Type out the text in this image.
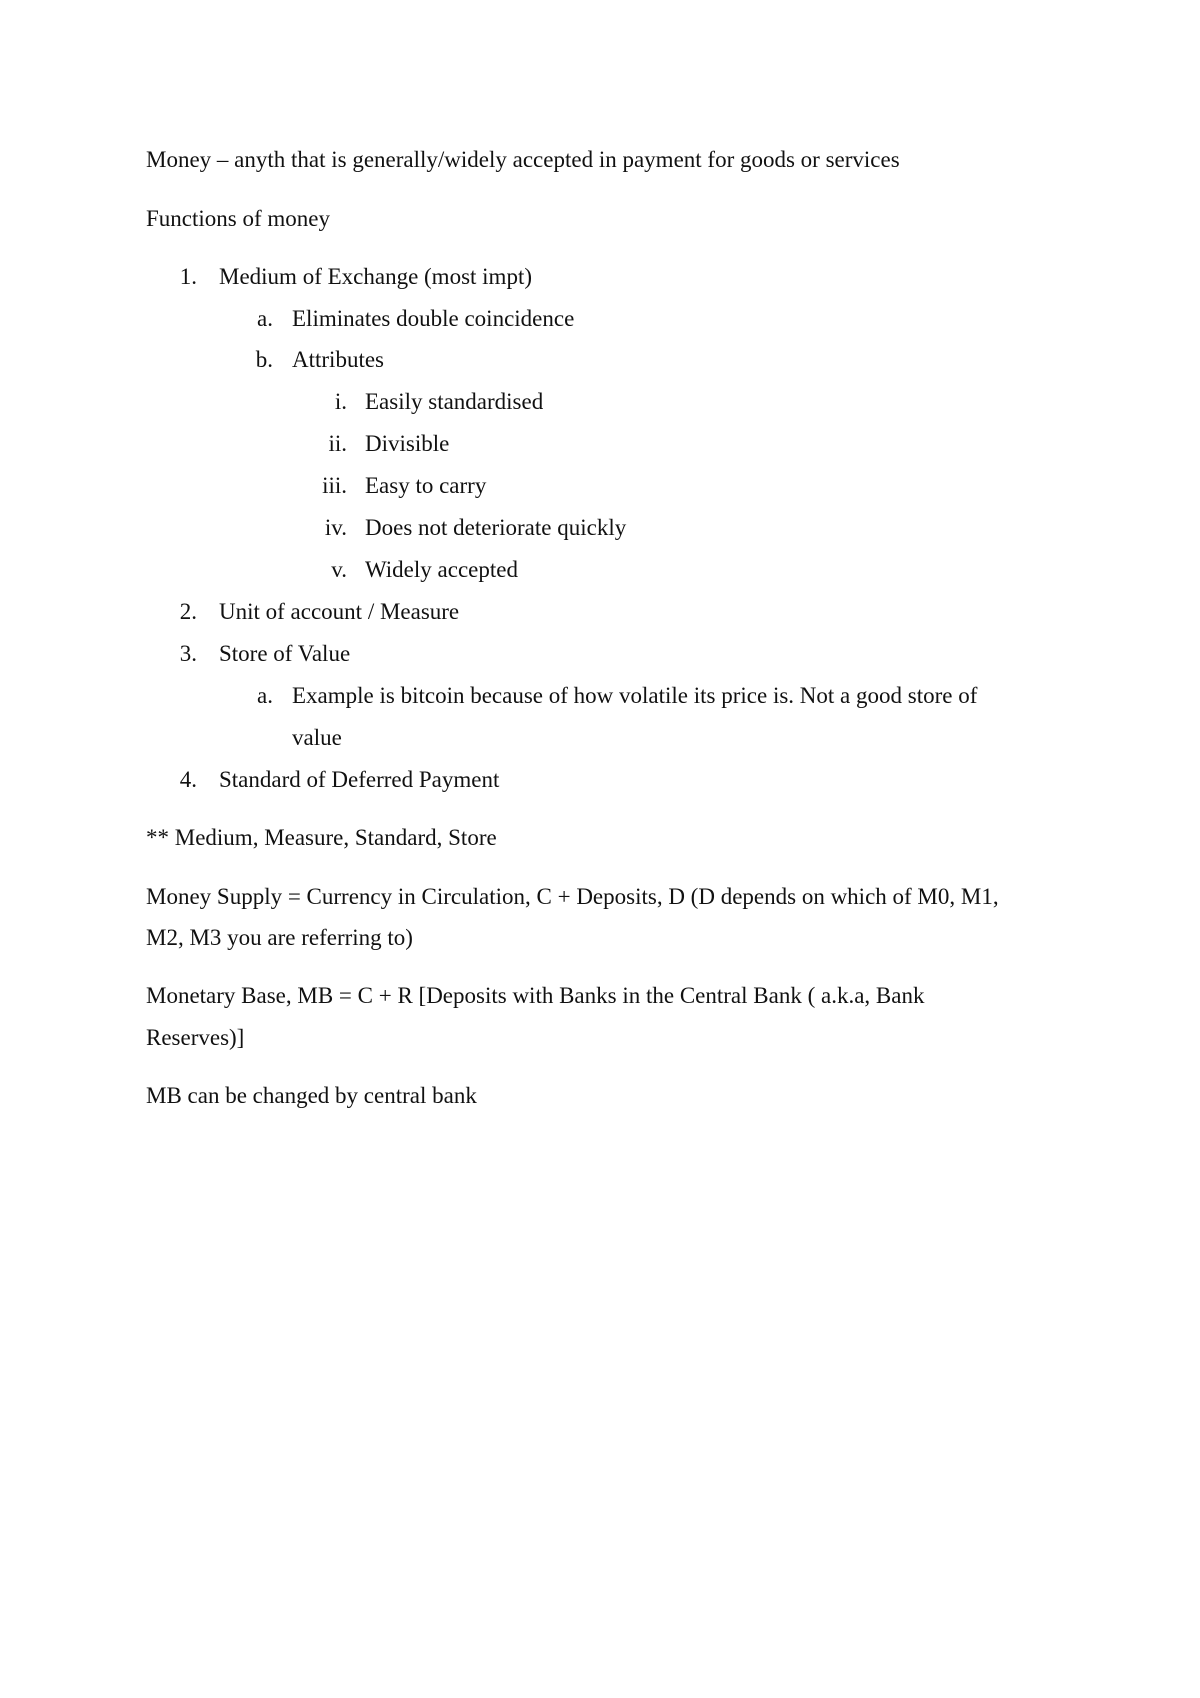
Money – anyth that is generally/widely accepted in payment for goods or services
Functions of money
1. Medium of Exchange (most impt)
a. Eliminates double coincidence
b. Attributes
i. Easily standardised
ii. Divisible
iii. Easy to carry
iv. Does not deteriorate quickly
v. Widely accepted
2. Unit of account / Measure
3. Store of Value
a. Example is bitcoin because of how volatile its price is. Not a good store of
value
4. Standard of Deferred Payment
** Medium, Measure, Standard, Store
Money Supply = Currency in Circulation, C + Deposits, D (D depends on which of M0, M1,
M2, M3 you are referring to)
Monetary Base, MB = C + R [Deposits with Banks in the Central Bank ( a.k.a, Bank
Reserves)]
MB can be changed by central bank
